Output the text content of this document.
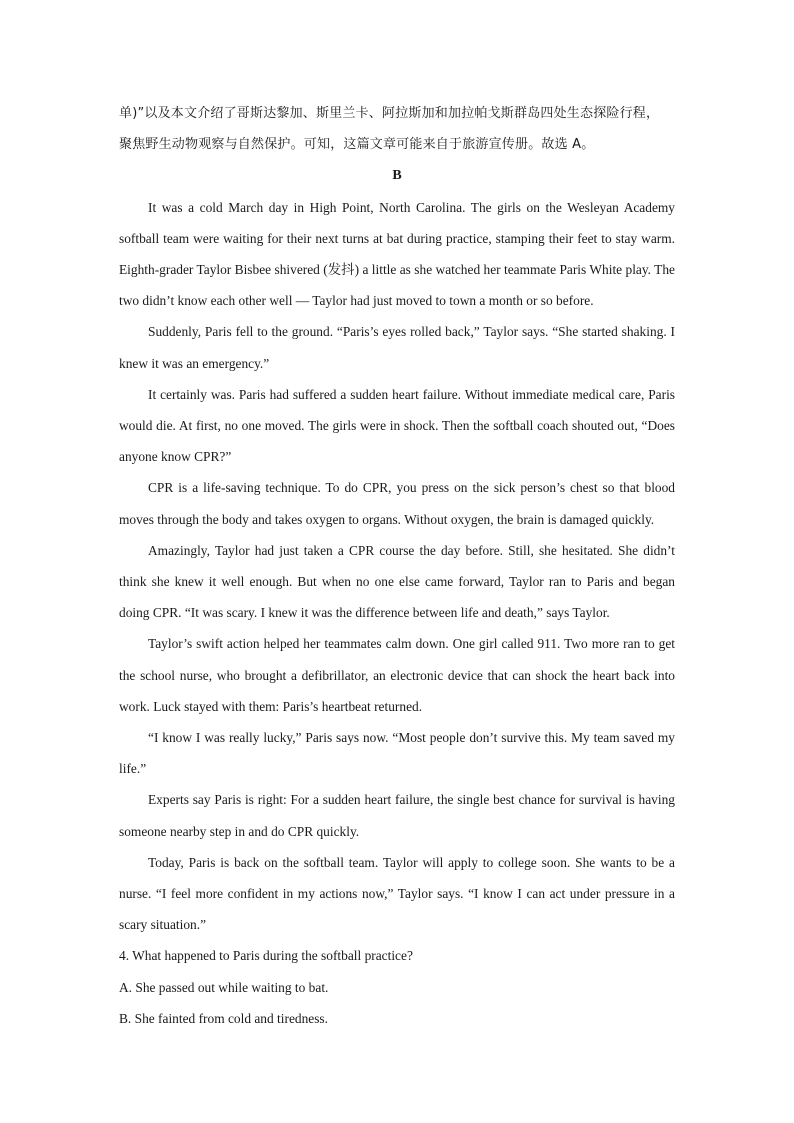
单)”以及本文介绍了哥斯达黎加、斯里兰卡、阿拉斯加和加拉帕戈斯群岛四处生态探险行程，

聚焦野生动物观察与自然保护。可知，这篇文章可能来自于旅游宣传册。故选 A。

B

It was a cold March day in High Point, North Carolina. The girls on the Wesleyan Academy softball team were waiting for their next turns at bat during practice, stamping their feet to stay warm. Eighth-grader Taylor Bisbee shivered (发抖) a little as she watched her teammate Paris White play. The two didn’t know each other well — Taylor had just moved to town a month or so before.

Suddenly, Paris fell to the ground. “Paris’s eyes rolled back,” Taylor says. “She started shaking. I knew it was an emergency.”

It certainly was. Paris had suffered a sudden heart failure. Without immediate medical care, Paris would die. At first, no one moved. The girls were in shock. Then the softball coach shouted out, “Does anyone know CPR?”

CPR is a life-saving technique. To do CPR, you press on the sick person’s chest so that blood moves through the body and takes oxygen to organs. Without oxygen, the brain is damaged quickly.

Amazingly, Taylor had just taken a CPR course the day before. Still, she hesitated. She didn’t think she knew it well enough. But when no one else came forward, Taylor ran to Paris and began doing CPR. “It was scary. I knew it was the difference between life and death,” says Taylor.

Taylor’s swift action helped her teammates calm down. One girl called 911. Two more ran to get the school nurse, who brought a defibrillator, an electronic device that can shock the heart back into work. Luck stayed with them: Paris’s heartbeat returned.

“I know I was really lucky,” Paris says now. “Most people don’t survive this. My team saved my life.”

Experts say Paris is right: For a sudden heart failure, the single best chance for survival is having someone nearby step in and do CPR quickly.

Today, Paris is back on the softball team. Taylor will apply to college soon. She wants to be a nurse. “I feel more confident in my actions now,” Taylor says. “I know I can act under pressure in a scary situation.”

4. What happened to Paris during the softball practice?

A. She passed out while waiting to bat.

B. She fainted from cold and tiredness.
